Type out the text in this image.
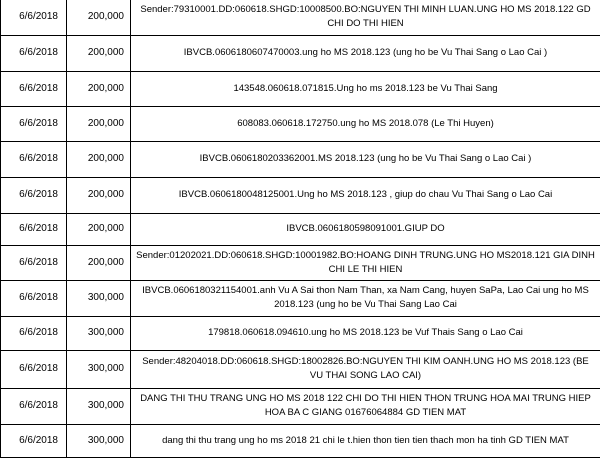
6/6/2018	200,000	Sender:79310001.DD:060618.SHGD:10008500.BO:NGUYEN THI MINH LUAN.UNG HO MS 2018.122 GD CHI DO THI HIEN
6/6/2018	200,000	IBVCB.0606180607470003.ung ho MS 2018.123 (ung ho be Vu Thai Sang o Lao Cai )
6/6/2018	200,000	143548.060618.071815.Ung ho ms 2018.123 be Vu Thai Sang
6/6/2018	200,000	608083.060618.172750.ung ho MS 2018.078 (Le Thi Huyen)
6/6/2018	200,000	IBVCB.0606180203362001.MS 2018.123 (ung ho be Vu Thai Sang o Lao Cai )
6/6/2018	200,000	IBVCB.0606180048125001.Ung ho MS 2018.123 , giup do chau Vu Thai Sang o Lao Cai
6/6/2018	200,000	IBVCB.0606180598091001.GIUP DO
6/6/2018	200,000	Sender:01202021.DD:060618.SHGD:10001982.BO:HOANG DINH TRUNG.UNG HO MS2018.121 GIA DINH CHI LE THI HIEN
6/6/2018	300,000	IBVCB.0606180321154001.anh Vu A Sai thon Nam Than, xa Nam Cang, huyen SaPa, Lao Cai ung ho MS 2018.123 (ung ho be Vu Thai Sang Lao Cai
6/6/2018	300,000	179818.060618.094610.ung ho MS 2018.123 be Vuf Thais Sang o Lao Cai
6/6/2018	300,000	Sender:48204018.DD:060618.SHGD:18002826.BO:NGUYEN THI KIM OANH.UNG HO MS 2018.123 (BE VU THAI SONG LAO CAI)
6/6/2018	300,000	DANG THI THU TRANG UNG HO MS 2018 122 CHI DO THI HIEN THON TRUNG HOA MAI TRUNG HIEP HOA BA C GIANG 01676064884 GD TIEN MAT
6/6/2018	300,000	dang thi thu trang ung ho ms 2018 21 chi le t.hien thon tien tien thach mon ha tinh GD TIEN MAT
